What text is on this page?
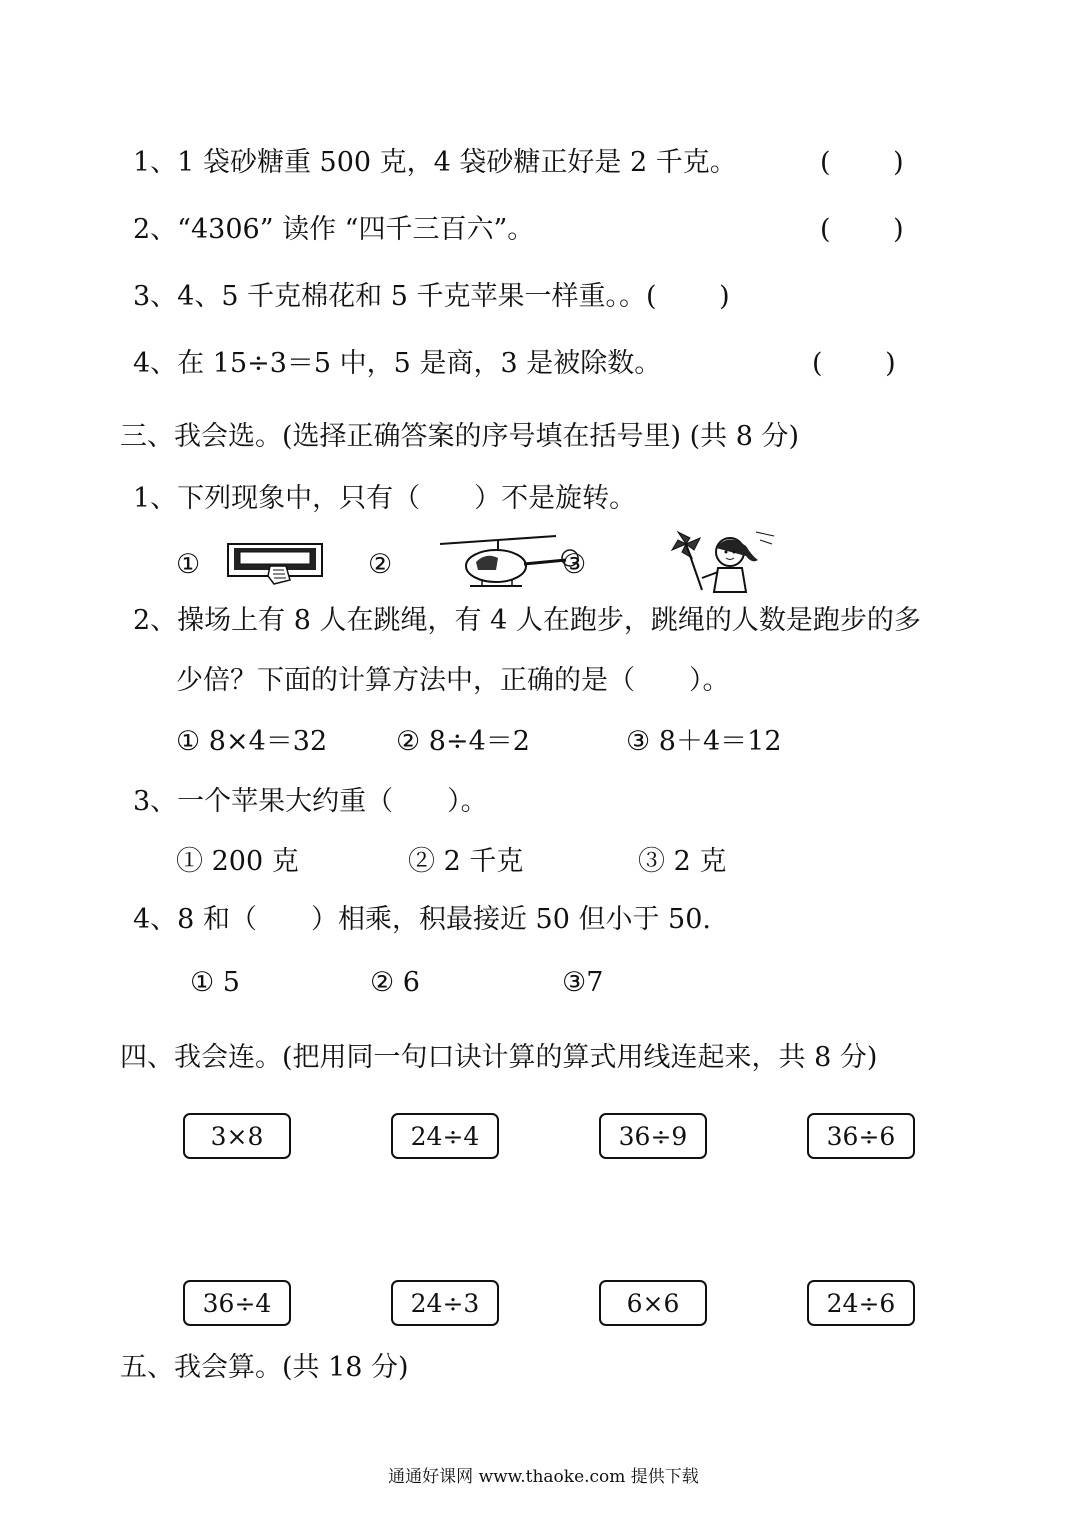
1、1 袋砂糖重 500 克，4 袋砂糖正好是 2 千克。	(　　 )
2、“4306” 读作 “四千三百六”。	(　　 )
3、4、5 千克棉花和 5 千克苹果一样重。。(　　 )
4、在 15÷3＝5 中，5 是商，3 是被除数。	(　　 )
三、我会选。(选择正确答案的序号填在括号里) (共 8 分)
1、下列现象中，只有（　　）不是旋转。
①	②	③
2、操场上有 8 人在跳绳，有 4 人在跑步，跳绳的人数是跑步的多
少倍？下面的计算方法中，正确的是（　　）。
① 8×4＝32	② 8÷4＝2	③ 8＋4＝12
3、一个苹果大约重（　　）。
① 200 克	② 2 千克	③ 2 克
4、8 和（　　）相乘，积最接近 50 但小于 50.
① 5	② 6	③7
四、我会连。(把用同一句口诀计算的算式用线连起来，共 8 分)
3×8	24÷4	36÷9	36÷6
36÷4	24÷3	6×6	24÷6
五、我会算。(共 18 分)
通通好课网 www.thaoke.com 提供下载
